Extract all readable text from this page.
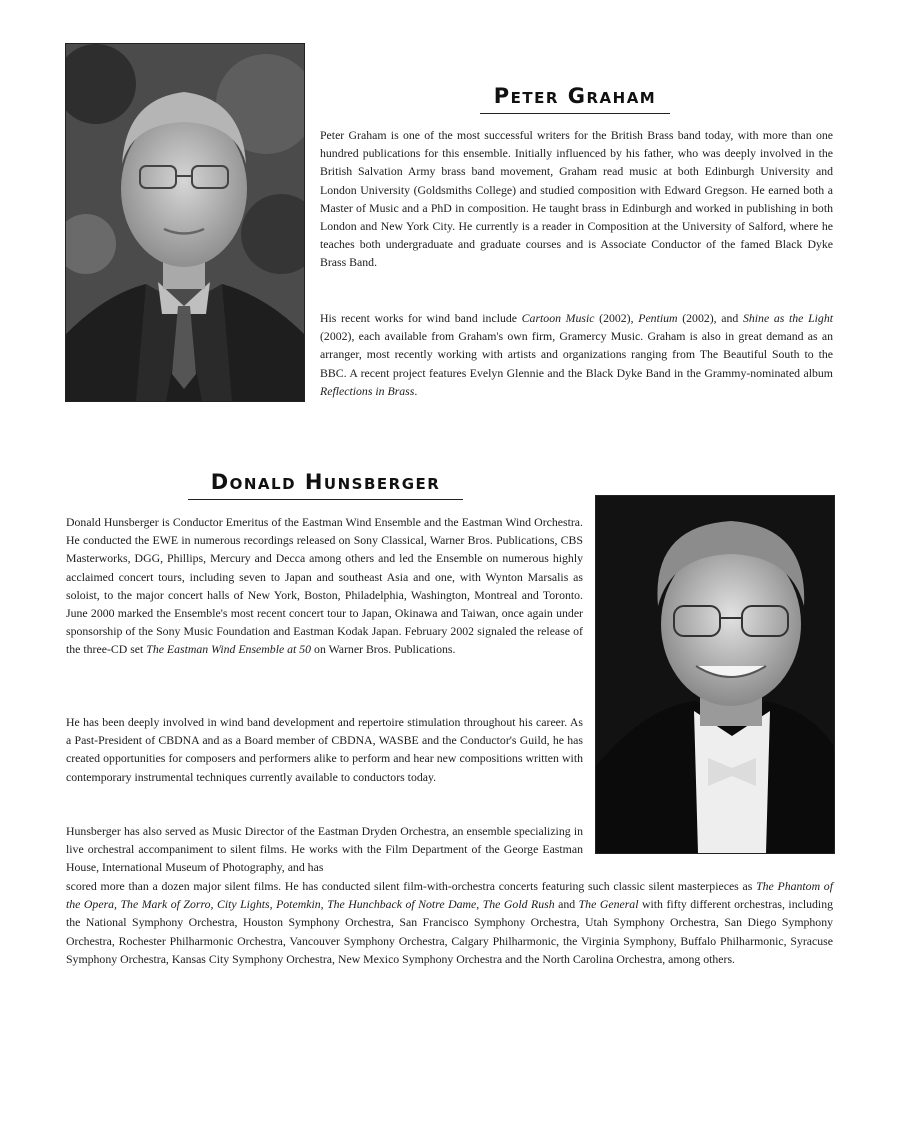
Peter Graham

Peter Graham is one of the most successful writers for the British Brass band today, with more than one hundred publications for this ensemble. Initially influenced by his father, who was deeply involved in the British Salvation Army brass band movement, Graham read music at both Edinburgh University and London University (Goldsmiths College) and studied composition with Edward Gregson. He earned both a Master of Music and a PhD in composition. He taught brass in Edinburgh and worked in publishing in both London and New York City. He currently is a reader in Composition at the University of Salford, where he teaches both undergraduate and graduate courses and is Associate Conductor of the famed Black Dyke Brass Band.

His recent works for wind band include Cartoon Music (2002), Pentium (2002), and Shine as the Light (2002), each available from Graham's own firm, Gramercy Music. Graham is also in great demand as an arranger, most recently working with artists and organizations ranging from The Beautiful South to the BBC. A recent project features Evelyn Glennie and the Black Dyke Band in the Grammy-nominated album Reflections in Brass.

Donald Hunsberger

Donald Hunsberger is Conductor Emeritus of the Eastman Wind Ensemble and the Eastman Wind Orchestra. He conducted the EWE in numerous recordings released on Sony Classical, Warner Bros. Publications, CBS Masterworks, DGG, Phillips, Mercury and Decca among others and led the Ensemble on numerous highly acclaimed concert tours, including seven to Japan and southeast Asia and one, with Wynton Marsalis as soloist, to the major concert halls of New York, Boston, Philadelphia, Washington, Montreal and Toronto. June 2000 marked the Ensemble's most recent concert tour to Japan, Okinawa and Taiwan, once again under sponsorship of the Sony Music Foundation and Eastman Kodak Japan. February 2002 signaled the release of the three-CD set The Eastman Wind Ensemble at 50 on Warner Bros. Publications.

He has been deeply involved in wind band development and repertoire stimulation throughout his career. As a Past-President of CBDNA and as a Board member of CBDNA, WASBE and the Conductor's Guild, he has created opportunities for composers and performers alike to perform and hear new compositions written with contemporary instrumental techniques currently available to conductors today.

Hunsberger has also served as Music Director of the Eastman Dryden Orchestra, an ensemble specializing in live orchestral accompaniment to silent films. He works with the Film Department of the George Eastman House, International Museum of Photography, and has

scored more than a dozen major silent films. He has conducted silent film-with-orchestra concerts featuring such classic silent masterpieces as The Phantom of the Opera, The Mark of Zorro, City Lights, Potemkin, The Hunchback of Notre Dame, The Gold Rush and The General with fifty different orchestras, including the National Symphony Orchestra, Houston Symphony Orchestra, San Francisco Symphony Orchestra, Utah Symphony Orchestra, San Diego Symphony Orchestra, Rochester Philharmonic Orchestra, Vancouver Symphony Orchestra, Calgary Philharmonic, the Virginia Symphony, Buffalo Philharmonic, Syracuse Symphony Orchestra, Kansas City Symphony Orchestra, New Mexico Symphony Orchestra and the North Carolina Orchestra, among others.
